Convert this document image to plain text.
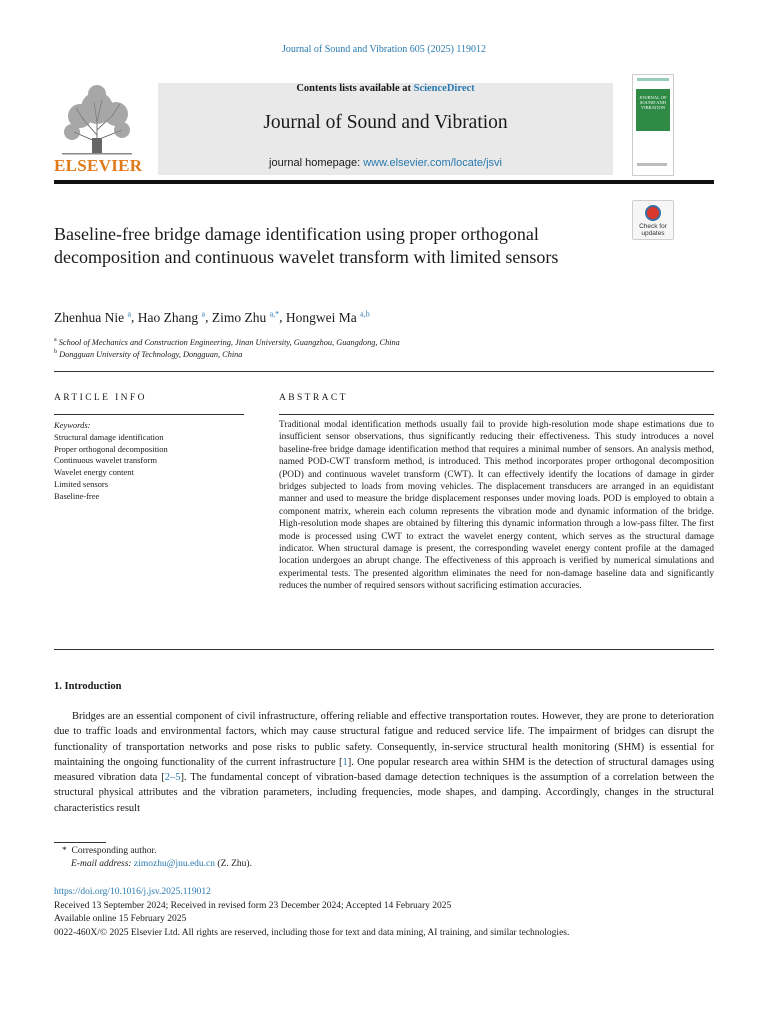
Journal of Sound and Vibration 605 (2025) 119012
ELSEVIER
Contents lists available at ScienceDirect
Journal of Sound and Vibration
journal homepage: www.elsevier.com/locate/jsvi
JOURNAL OF SOUND AND VIBRATION
Check for updates
Baseline-free bridge damage identification using proper orthogonal decomposition and continuous wavelet transform with limited sensors
Zhenhua Nie $^a$, Hao Zhang $^a$, Zimo Zhu $^{a,*}$, Hongwei Ma $^{a,b}$
$^a$ School of Mechanics and Construction Engineering, Jinan University, Guangzhou, Guangdong, China
$^b$ Dongguan University of Technology, Dongguan, China
ARTICLE INFO
Keywords:
Structural damage identification
Proper orthogonal decomposition
Continuous wavelet transform
Wavelet energy content
Limited sensors
Baseline-free
ABSTRACT
Traditional modal identification methods usually fail to provide high-resolution mode shape estimations due to insufficient sensor observations, thus significantly reducing their effectiveness. This study introduces a novel baseline-free bridge damage identification method that requires a minimal number of sensors. An analysis method, named POD-CWT transform method, is introduced. This method incorporates proper orthogonal decomposition (POD) and continuous wavelet transform (CWT). It can effectively identify the locations of damage in girder bridges subjected to loads from moving vehicles. The displacement transducers are arranged in an equidistant manner and used to measure the bridge displacement responses under moving loads. POD is employed to obtain a component matrix, wherein each column represents the vibration mode and dynamic information of the bridge. High-resolution mode shapes are obtained by filtering this dynamic information through a low-pass filter. The first mode is processed using CWT to extract the wavelet energy content, which serves as the structural damage indicator. When structural damage is present, the corresponding wavelet energy content profile at the damaged location undergoes an abrupt change. The effectiveness of this approach is verified by numerical simulations and experimental tests. The presented algorithm eliminates the need for non-damage baseline data and significantly reduces the number of required sensors without sacrificing estimation accuracies.
1. Introduction
Bridges are an essential component of civil infrastructure, offering reliable and effective transportation routes. However, they are prone to deterioration due to traffic loads and environmental factors, which may cause structural fatigue and reduced service life. The impairment of bridges can disrupt the functionality of transportation networks and pose risks to public safety. Consequently, in-service structural health monitoring (SHM) is essential for maintaining the ongoing functionality of the current infrastructure [1]. One popular research area within SHM is the detection of structural damages using measured vibration data [2–5]. The fundamental concept of vibration-based damage detection techniques is the assumption of a correlation between the structural physical attributes and the vibration parameters, including frequencies, mode shapes, and damping. Accordingly, changes in the structural characteristics result
* Corresponding author.
E-mail address: zimozhu@jnu.edu.cn (Z. Zhu).
https://doi.org/10.1016/j.jsv.2025.119012
Received 13 September 2024; Received in revised form 23 December 2024; Accepted 14 February 2025
Available online 15 February 2025
0022-460X/© 2025 Elsevier Ltd. All rights are reserved, including those for text and data mining, AI training, and similar technologies.
